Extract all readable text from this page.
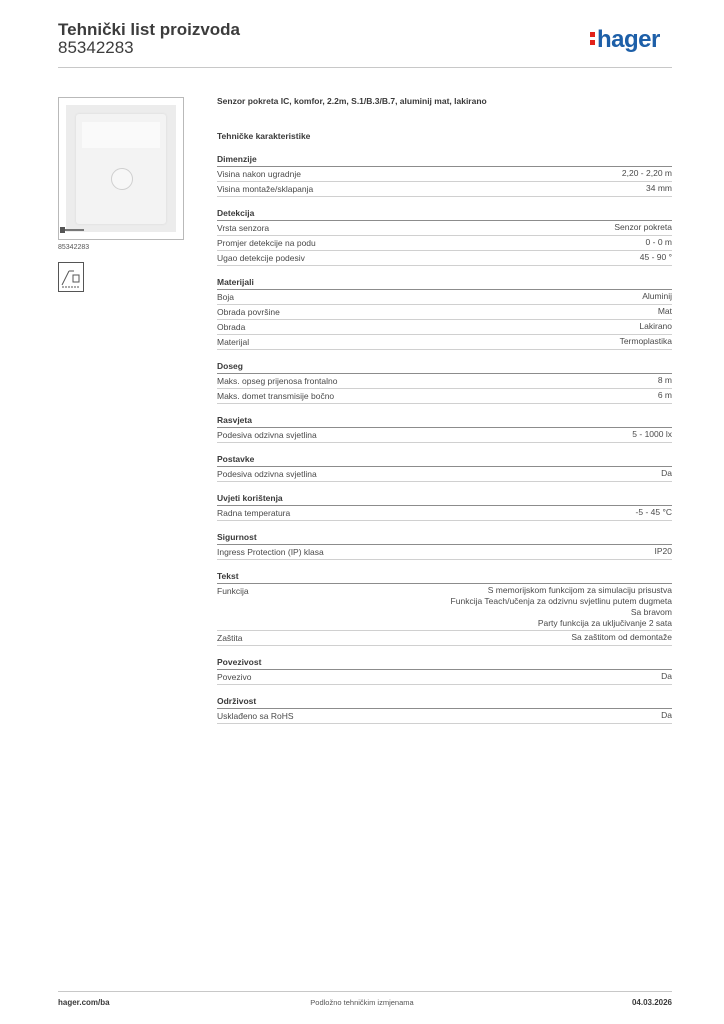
Tehnički list proizvoda
85342283	hager
85342283
Senzor pokreta IC, komfor, 2.2m, S.1/B.3/B.7, aluminij mat, lakirano
Tehničke karakteristike
Dimenzije
Visina nakon ugradnje	2,20 - 2,20 m
Visina montaže/sklapanja	34 mm
Detekcija
Vrsta senzora	Senzor pokreta
Promjer detekcije na podu	0 - 0 m
Ugao detekcije podesiv	45 - 90 °
Materijali
Boja	Aluminij
Obrada površine	Mat
Obrada	Lakirano
Materijal	Termoplastika
Doseg
Maks. opseg prijenosa frontalno	8 m
Maks. domet transmisije bočno	6 m
Rasvjeta
Podesiva odzivna svjetlina	5 - 1000 lx
Postavke
Podesiva odzivna svjetlina	Da
Uvjeti korištenja
Radna temperatura	-5 - 45 °C
Sigurnost
Ingress Protection (IP) klasa	IP20
Tekst
Funkcija	S memorijskom funkcijom za simulaciju prisustva
Funkcija Teach/učenja za odzivnu svjetlinu putem dugmeta
Sa bravom
Party funkcija za uključivanje 2 sata
Zaštita	Sa zaštitom od demontaže
Povezivost
Povezivo	Da
Održivost
Usklađeno sa RoHS	Da
hager.com/ba	Podložno tehničkim izmjenama	04.03.2026
